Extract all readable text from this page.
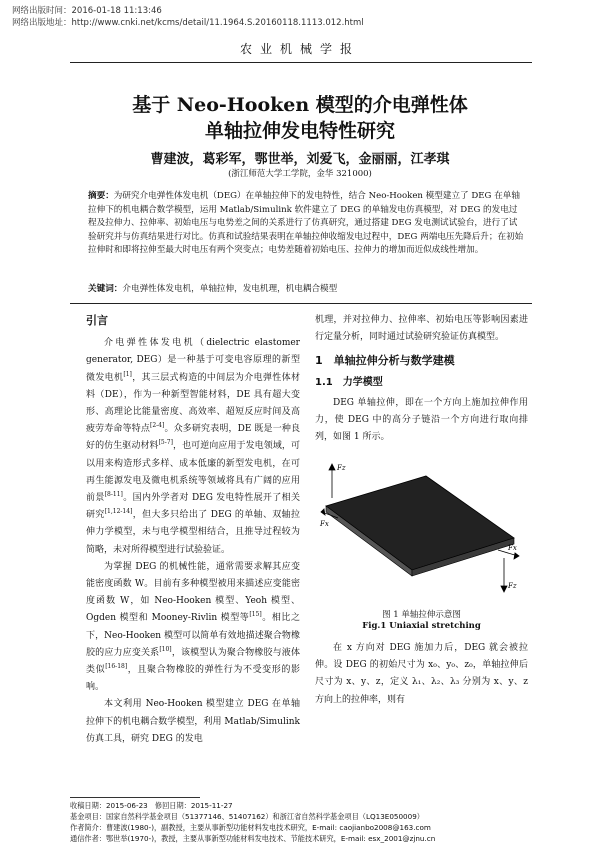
网络出版时间：2016-01-18 11:13:46
网络出版地址：http://www.cnki.net/kcms/detail/11.1964.S.20160118.1113.012.html
农业机械学报
基于 Neo-Hooken 模型的介电弹性体
单轴拉伸发电特性研究
曹建波，葛彩军，鄂世举，刘爱飞，金丽丽，江孝琪
(浙江师范大学工学院，金华 321000)
摘要：为研究介电弹性体发电机（DEG）在单轴拉伸下的发电特性，结合 Neo-Hooken 模型建立了 DEG 在单轴拉伸下的机电耦合数学模型，运用 Matlab/Simulink 软件建立了 DEG 的单轴发电仿真模型，对 DEG 的发电过程及拉伸力、拉伸率、初始电压与电势差之间的关系进行了仿真研究，通过搭建 DEG 发电测试试验台，进行了试验研究并与仿真结果进行对比。仿真和试验结果表明在单轴拉伸收缩发电过程中，DEG 两端电压先降后升；在初始拉伸时和即将拉伸至最大时电压有两个突变点；电势差随着初始电压、拉伸力的增加而近似成线性增加。
关键词：介电弹性体发电机，单轴拉伸，发电机理，机电耦合模型
引言
介电弹性体发电机（dielectric elastomer generator, DEG）是一种基于可变电容原理的新型微发电机[1]，其三层式构造的中间层为介电弹性体材料（DE），作为一种新型智能材料，DE 具有超大变形、高理论比能量密度、高效率、超短反应时间及高疲劳寿命等特点[2-4]。众多研究表明，DE 既是一种良好的仿生驱动材料[5-7]，也可逆向应用于发电领域，可以用来构造形式多样、成本低廉的新型发电机，在可再生能源发电及微电机系统等领域将具有广阔的应用前景[8-11]。国内外学者对 DEG 发电特性展开了相关研究[1,12-14]，但大多只给出了 DEG 的单轴、双轴拉伸力学模型，未与电学模型相结合，且推导过程较为简略，未对所得模型进行试验验证。
为掌握 DEG 的机械性能，通常需要求解其应变能密度函数 W。目前有多种模型被用来描述应变能密度函数 W，如 Neo-Hooken 模型、Yeoh 模型、Ogden 模型和 Mooney-Rivlin 模型等[15]。相比之下，Neo-Hooken 模型可以简单有效地描述聚合物橡胶的应力应变关系[10]，该模型认为聚合物橡胶与液体类似[16-18]，且聚合物橡胶的弹性行为不受变形的影响。
本文利用 Neo-Hooken 模型建立 DEG 在单轴拉伸下的机电耦合数学模型，利用 Matlab/Simulink 仿真工具，研究 DEG 的发电
机理，并对拉伸力、拉伸率、初始电压等影响因素进行定量分析，同时通过试验研究验证仿真模型。
1　单轴拉伸分析与数学建模
1.1　力学模型
DEG 单轴拉伸，即在一个方向上施加拉伸作用力，使 DEG 中的高分子链沿一个方向进行取向排列，如图 1 所示。
Fz
Fx
Fx
Fz
图 1 单轴拉伸示意图
Fig.1 Uniaxial stretching
在 x 方向对 DEG 施加力后，DEG 就会被拉伸。设 DEG 的初始尺寸为 x₀、y₀、z₀，单轴拉伸后尺寸为 x、y、z，定义 λ₁、λ₂、λ₃ 分别为 x、y、z 方向上的拉伸率，则有
收稿日期：2015-06-23　修回日期：2015-11-27
基金项目：国家自然科学基金项目（51377146、51407162）和浙江省自然科学基金项目（LQ13E050009）
作者简介：曹建波(1980-)，副教授，主要从事新型功能材料发电技术研究，E-mail: caojianbo2008@163.com
通信作者：鄂世举(1970-)，教授，主要从事新型功能材料发电技术、节能技术研究，E-mail: esx_2001@zjnu.cn
